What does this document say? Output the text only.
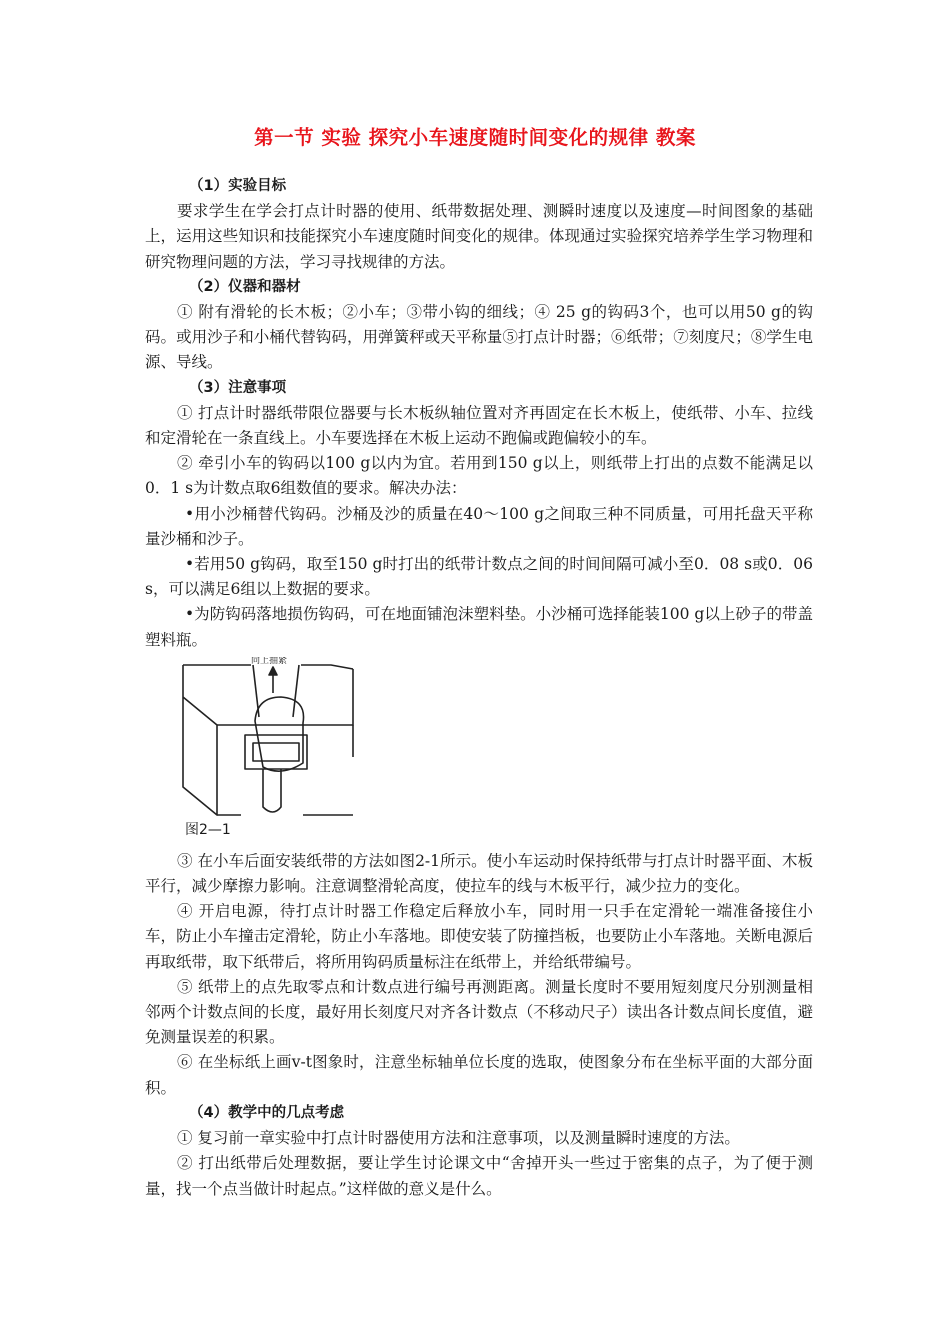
第一节 实验 探究小车速度随时间变化的规律 教案

（1）实验目标

要求学生在学会打点计时器的使用、纸带数据处理、测瞬时速度以及速度—时间图象的基础上，运用这些知识和技能探究小车速度随时间变化的规律。体现通过实验探究培养学生学习物理和研究物理问题的方法，学习寻找规律的方法。

（2）仪器和器材

① 附有滑轮的长木板；②小车；③带小钩的细线；④ 25 g的钩码3个，也可以用50 g的钩码。或用沙子和小桶代替钩码，用弹簧秤或天平称量⑤打点计时器；⑥纸带；⑦刻度尺；⑧学生电源、导线。

（3）注意事项

① 打点计时器纸带限位器要与长木板纵轴位置对齐再固定在长木板上，使纸带、小车、拉线和定滑轮在一条直线上。小车要选择在木板上运动不跑偏或跑偏较小的车。

② 牵引小车的钩码以100 g以内为宜。若用到150 g以上，则纸带上打出的点数不能满足以0．1 s为计数点取6组数值的要求。解决办法：

•用小沙桶替代钩码。沙桶及沙的质量在40～100 g之间取三种不同质量，可用托盘天平称量沙桶和沙子。

•若用50 g钩码，取至150 g时打出的纸带计数点之间的时间间隔可减小至0．08 s或0．06 s，可以满足6组以上数据的要求。

•为防钩码落地损伤钩码，可在地面铺泡沫塑料垫。小沙桶可选择能装100 g以上砂子的带盖塑料瓶。

向上抽紧
图2—1

③ 在小车后面安装纸带的方法如图2-1所示。使小车运动时保持纸带与打点计时器平面、木板平行，减少摩擦力影响。注意调整滑轮高度，使拉车的线与木板平行，减少拉力的变化。

④ 开启电源，待打点计时器工作稳定后释放小车，同时用一只手在定滑轮一端准备接住小车，防止小车撞击定滑轮，防止小车落地。即使安装了防撞挡板，也要防止小车落地。关断电源后再取纸带，取下纸带后，将所用钩码质量标注在纸带上，并给纸带编号。

⑤ 纸带上的点先取零点和计数点进行编号再测距离。测量长度时不要用短刻度尺分别测量相邻两个计数点间的长度，最好用长刻度尺对齐各计数点（不移动尺子）读出各计数点间长度值，避免测量误差的积累。

⑥ 在坐标纸上画v-t图象时，注意坐标轴单位长度的选取，使图象分布在坐标平面的大部分面积。

（4）教学中的几点考虑

① 复习前一章实验中打点计时器使用方法和注意事项，以及测量瞬时速度的方法。

② 打出纸带后处理数据，要让学生讨论课文中“舍掉开头一些过于密集的点子，为了便于测量，找一个点当做计时起点。”这样做的意义是什么。
